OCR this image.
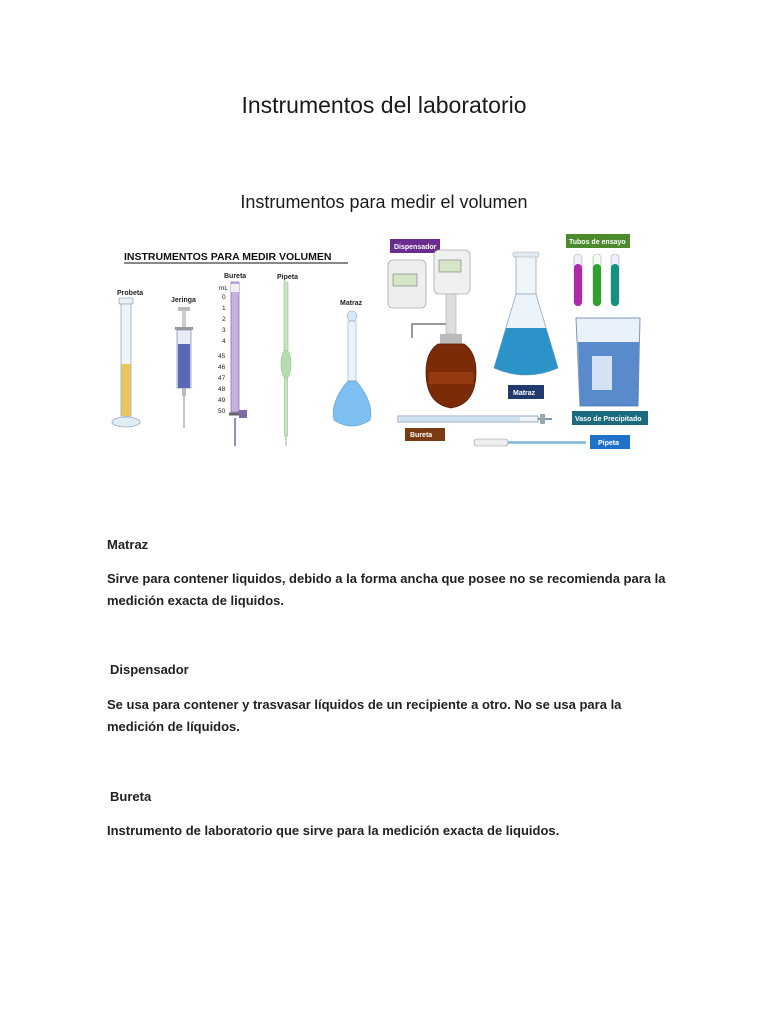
Instrumentos del laboratorio
Instrumentos para medir el volumen
INSTRUMENTOS PARA MEDIR VOLUMEN
Probeta
Jeringa
Bureta
mL
0
1
2
3
4
45
46
47
48
49
50
Pipeta
Matraz
Dispensador
Matraz
Tubos de ensayo
Vaso de Precipitado
Bureta
Pipeta
Matraz
Sirve para contener liquidos, debido a la forma ancha que posee no se recomienda para la medición exacta de liquidos.
Dispensador
Se usa para contener y trasvasar líquidos de un recipiente a otro. No se usa para la medición de líquidos.
Bureta
Instrumento de laboratorio que sirve para la medición exacta de liquidos.
